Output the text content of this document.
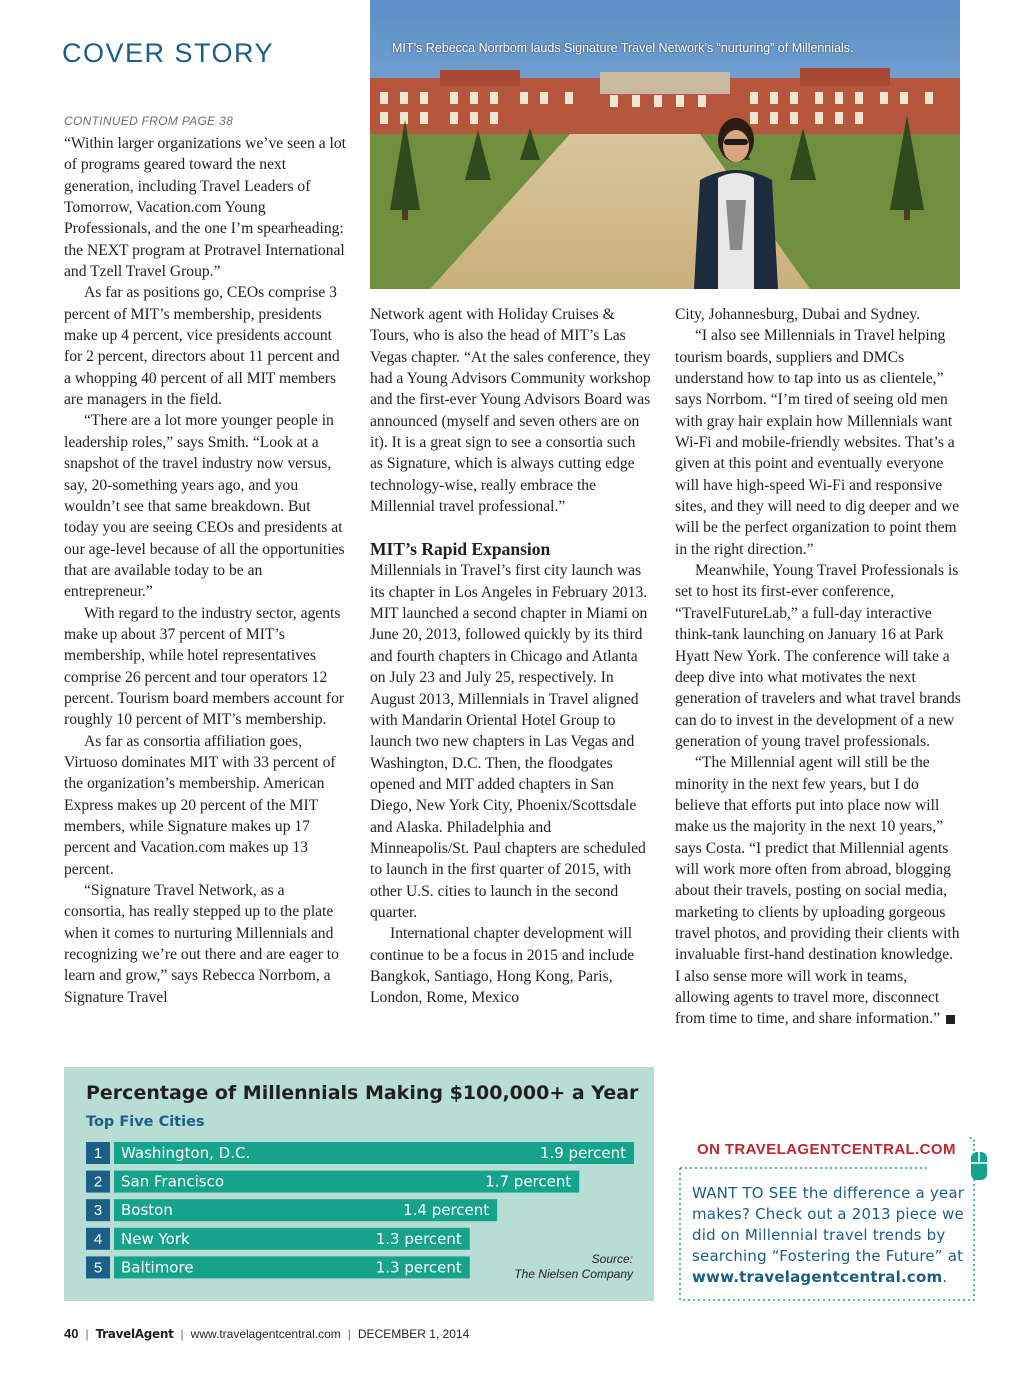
COVER STORY	MIT’s Rebecca Norrbom lauds Signature Travel Network’s “nurturing” of Millennials.
CONTINUED FROM PAGE 38

“Within larger organizations we’ve seen a lot of programs geared toward the next generation, including Travel Leaders of Tomorrow, Vacation.com Young Professionals, and the one I’m spearheading: the NEXT program at Protravel International and Tzell Travel Group.”

As far as positions go, CEOs comprise 3 percent of MIT’s membership, presidents make up 4 percent, vice presidents account for 2 percent, directors about 11 percent and a whopping 40 percent of all MIT members are managers in the field.

“There are a lot more younger people in leadership roles,” says Smith. “Look at a snapshot of the travel industry now versus, say, 20-something years ago, and you wouldn’t see that same breakdown. But today you are seeing CEOs and presidents at our age-level because of all the opportunities that are available today to be an entrepreneur.”

With regard to the industry sector, agents make up about 37 percent of MIT’s membership, while hotel representatives comprise 26 percent and tour operators 12 percent. Tourism board members account for roughly 10 percent of MIT’s membership.

As far as consortia affiliation goes, Virtuoso dominates MIT with 33 percent of the organization’s membership. American Express makes up 20 percent of the MIT members, while Signature makes up 17 percent and Vacation.com makes up 13 percent.

“Signature Travel Network, as a consortia, has really stepped up to the plate when it comes to nurturing Millennials and recognizing we’re out there and are eager to learn and grow,” says Rebecca Norrbom, a Signature Travel

Network agent with Holiday Cruises & Tours, who is also the head of MIT’s Las Vegas chapter. “At the sales conference, they had a Young Advisors Community workshop and the first-ever Young Advisors Board was announced (myself and seven others are on it). It is a great sign to see a consortia such as Signature, which is always cutting edge technology-wise, really embrace the Millennial travel professional.”

MIT’s Rapid Expansion

Millennials in Travel’s first city launch was its chapter in Los Angeles in February 2013. MIT launched a second chapter in Miami on June 20, 2013, followed quickly by its third and fourth chapters in Chicago and Atlanta on July 23 and July 25, respectively. In August 2013, Millennials in Travel aligned with Mandarin Oriental Hotel Group to launch two new chapters in Las Vegas and Washington, D.C. Then, the floodgates opened and MIT added chapters in San Diego, New York City, Phoenix/Scottsdale and Alaska. Philadelphia and Minneapolis/St. Paul chapters are scheduled to launch in the first quarter of 2015, with other U.S. cities to launch in the second quarter.

International chapter development will continue to be a focus in 2015 and include Bangkok, Santiago, Hong Kong, Paris, London, Rome, Mexico

City, Johannesburg, Dubai and Sydney.

“I also see Millennials in Travel helping tourism boards, suppliers and DMCs understand how to tap into us as clientele,” says Norrbom. “I’m tired of seeing old men with gray hair explain how Millennials want Wi-Fi and mobile-friendly websites. That’s a given at this point and eventually everyone will have high-speed Wi-Fi and responsive sites, and they will need to dig deeper and we will be the perfect organization to point them in the right direction.”

Meanwhile, Young Travel Professionals is set to host its first-ever conference, “TravelFutureLab,” a full-day interactive think-tank launching on January 16 at Park Hyatt New York. The conference will take a deep dive into what motivates the next generation of travelers and what travel brands can do to invest in the development of a new generation of young travel professionals.

“The Millennial agent will still be the minority in the next few years, but I do believe that efforts put into place now will make us the majority in the next 10 years,” says Costa. “I predict that Millennial agents will work more often from abroad, blogging about their travels, posting on social media, marketing to clients by uploading gorgeous travel photos, and providing their clients with invaluable first-hand destination knowledge. I also sense more will work in teams, allowing agents to travel more, disconnect from time to time, and share information.”

Percentage of Millennials Making $100,000+ a Year
Top Five Cities
1 Washington, D.C.	1.9 percent
2 San Francisco	1.7 percent
3 Boston	1.4 percent
4 New York	1.3 percent
5 Baltimore	1.3 percent	Source:
The Nielsen Company
ON TRAVELAGENTCENTRAL.COM
WANT TO SEE the difference a year makes? Check out a 2013 piece we did on Millennial travel trends by searching “Fostering the Future” at www.travelagentcentral.com.
40 | TravelAgent | www.travelagentcentral.com | DECEMBER 1, 2014
